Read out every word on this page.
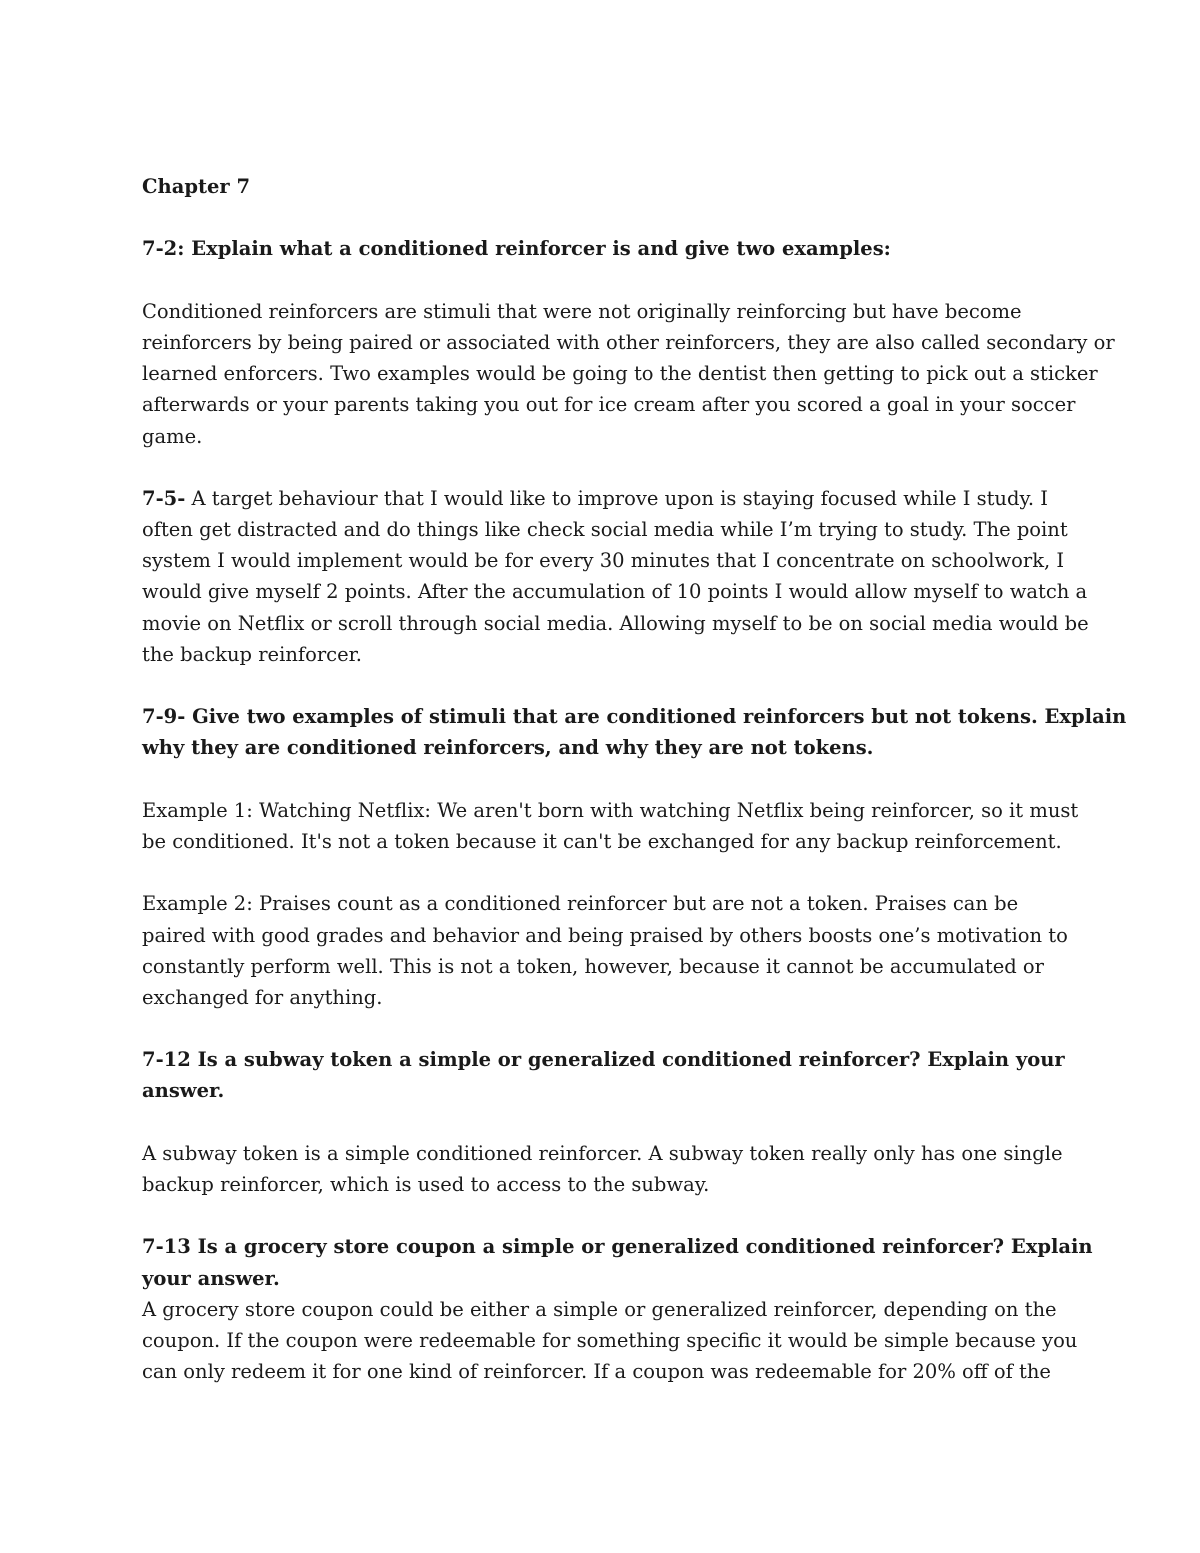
Chapter 7
7-2: Explain what a conditioned reinforcer is and give two examples:
Conditioned reinforcers are stimuli that were not originally reinforcing but have become
reinforcers by being paired or associated with other reinforcers, they are also called secondary or
learned enforcers. Two examples would be going to the dentist then getting to pick out a sticker
afterwards or your parents taking you out for ice cream after you scored a goal in your soccer
game.
7-5- A target behaviour that I would like to improve upon is staying focused while I study. I
often get distracted and do things like check social media while I’m trying to study. The point
system I would implement would be for every 30 minutes that I concentrate on schoolwork, I
would give myself 2 points. After the accumulation of 10 points I would allow myself to watch a
movie on Netflix or scroll through social media. Allowing myself to be on social media would be
the backup reinforcer.
7-9- Give two examples of stimuli that are conditioned reinforcers but not tokens. Explain
why they are conditioned reinforcers, and why they are not tokens.
Example 1: Watching Netflix: We aren't born with watching Netflix being reinforcer, so it must
be conditioned. It's not a token because it can't be exchanged for any backup reinforcement.
Example 2: Praises count as a conditioned reinforcer but are not a token. Praises can be
paired with good grades and behavior and being praised by others boosts one’s motivation to
constantly perform well. This is not a token, however, because it cannot be accumulated or
exchanged for anything.
7-12 Is a subway token a simple or generalized conditioned reinforcer? Explain your
answer.
A subway token is a simple conditioned reinforcer. A subway token really only has one single
backup reinforcer, which is used to access to the subway.
7-13 Is a grocery store coupon a simple or generalized conditioned reinforcer? Explain
your answer.
A grocery store coupon could be either a simple or generalized reinforcer, depending on the
coupon. If the coupon were redeemable for something specific it would be simple because you
can only redeem it for one kind of reinforcer. If a coupon was redeemable for 20% off of the
